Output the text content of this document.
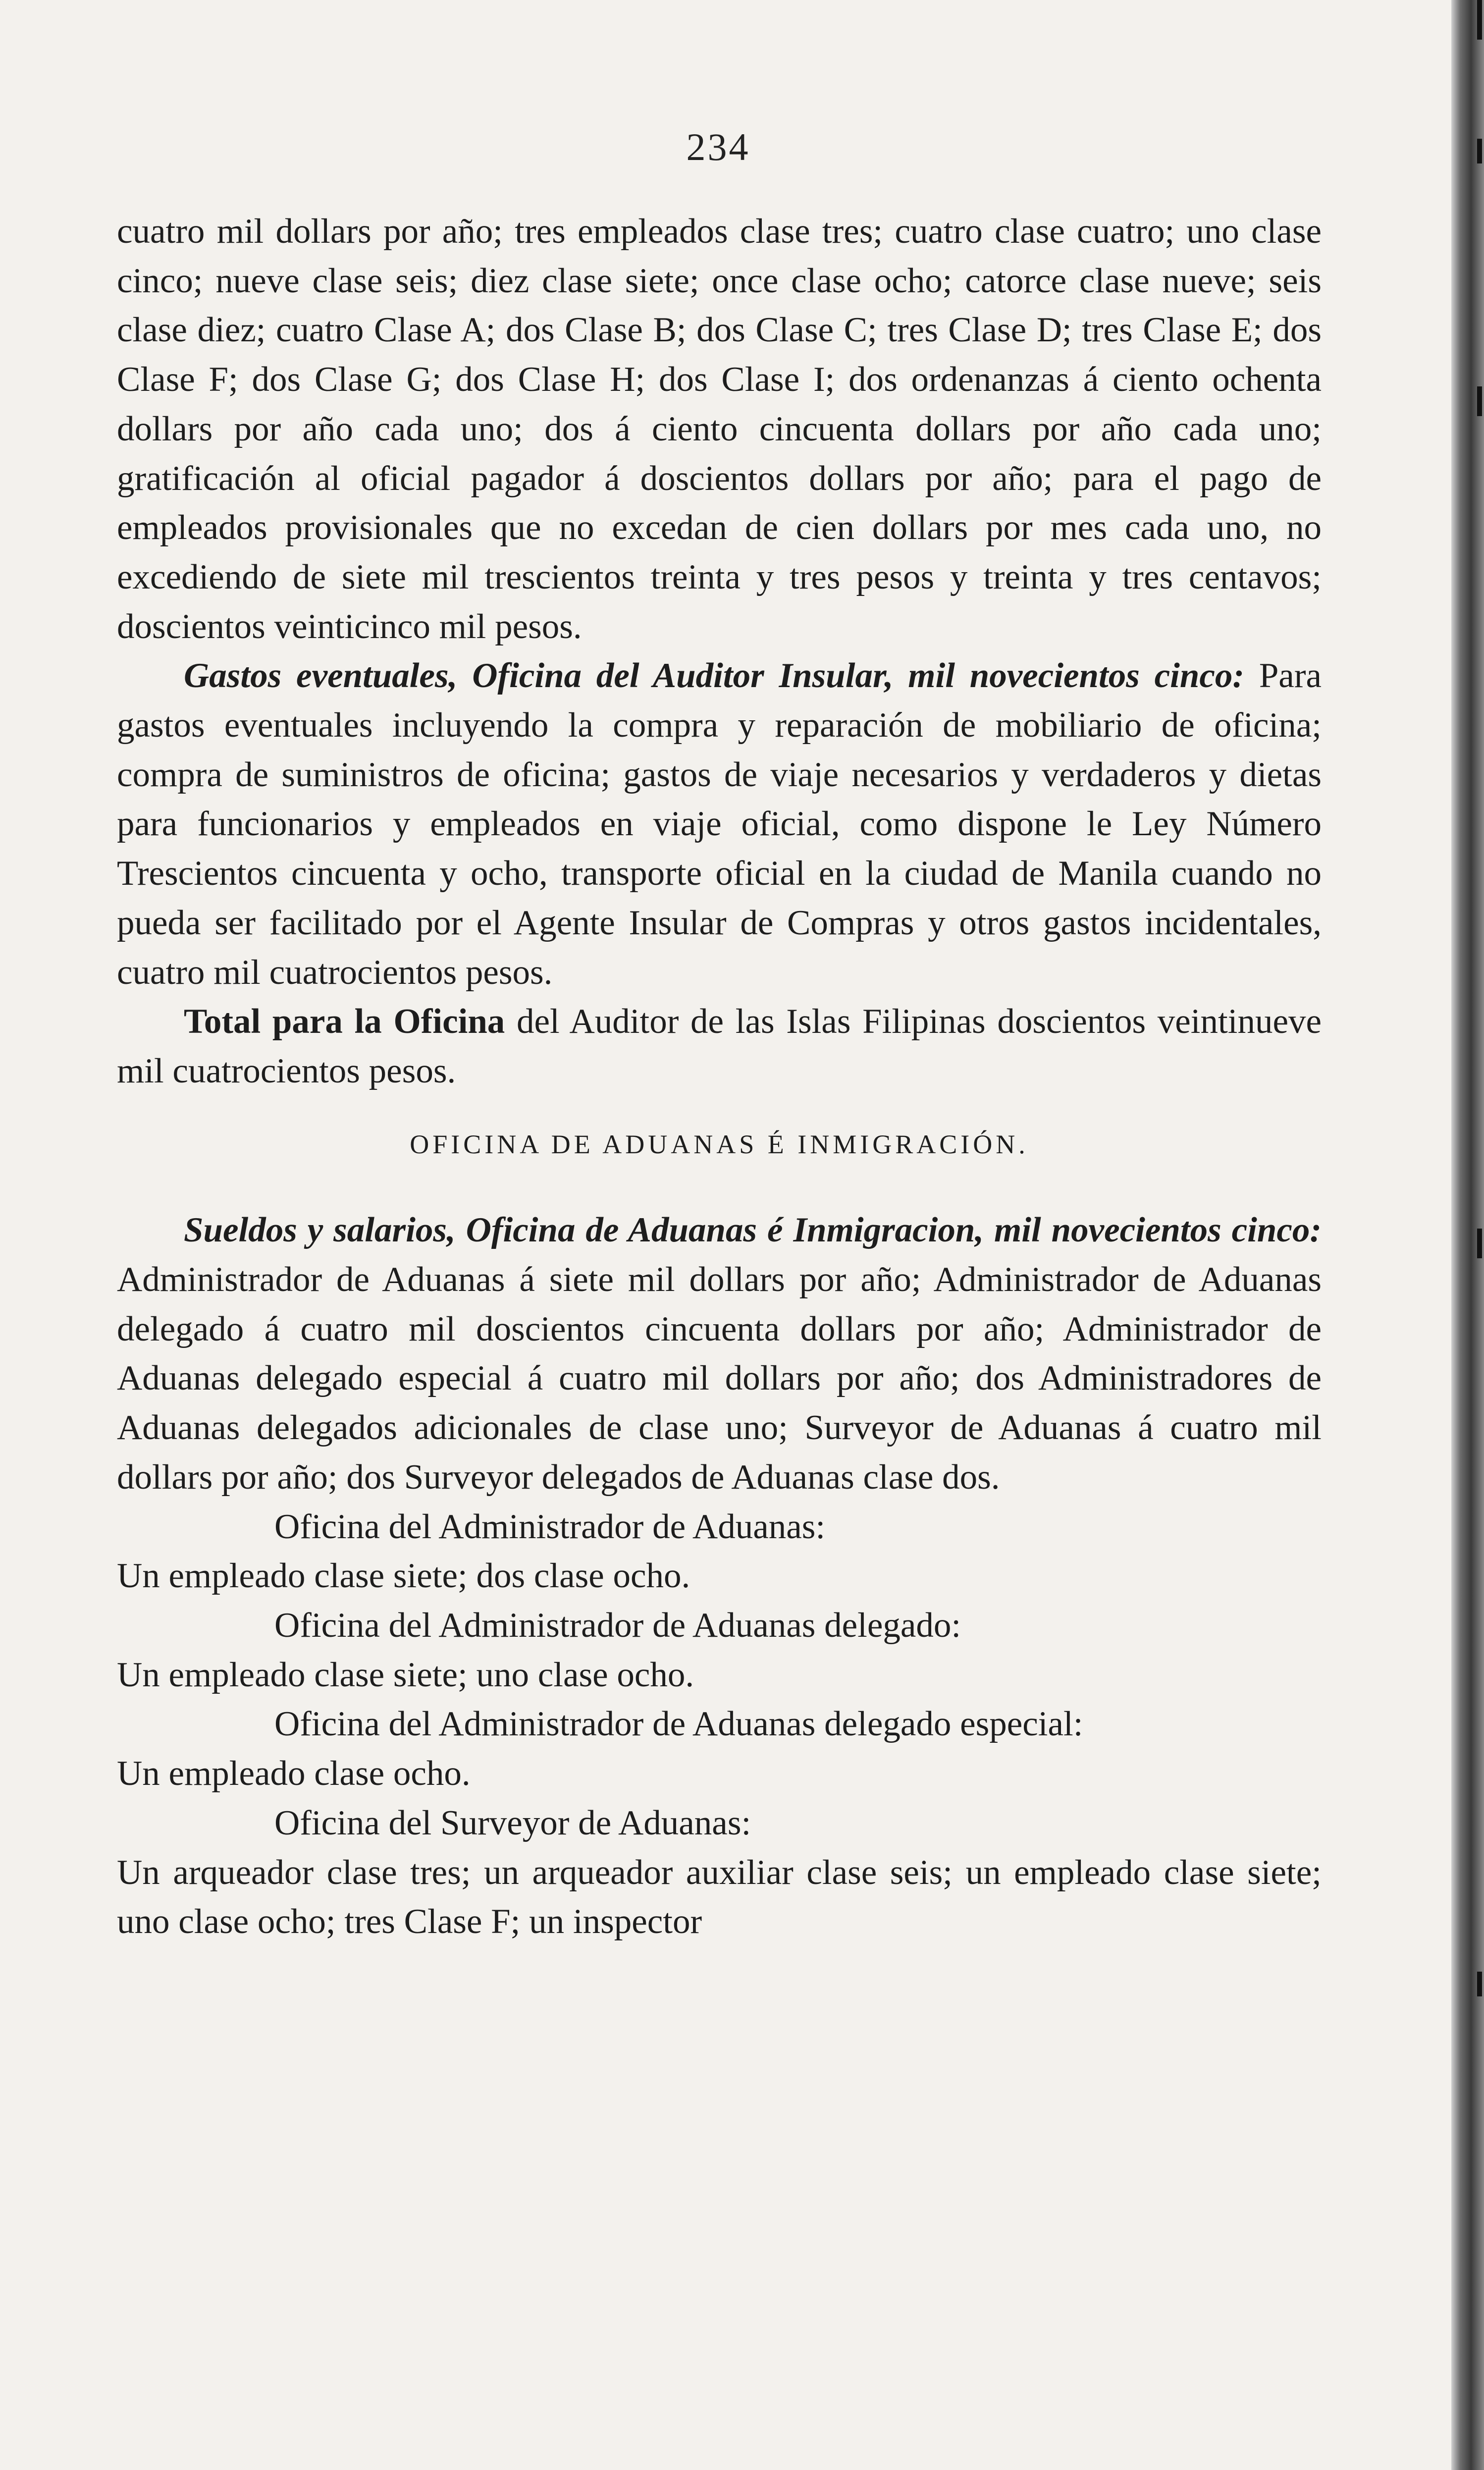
234

cuatro mil dollars por año; tres empleados clase tres; cuatro clase cuatro; uno clase cinco; nueve clase seis; diez clase siete; once clase ocho; catorce clase nueve; seis clase diez; cuatro Clase A; dos Clase B; dos Clase C; tres Clase D; tres Clase E; dos Clase F; dos Clase G; dos Clase H; dos Clase I; dos ordenanzas á ciento ochenta dollars por año cada uno; dos á ciento cincuenta dollars por año cada uno; gratificación al oficial pagador á doscientos dollars por año; para el pago de empleados provisionales que no excedan de cien dollars por mes cada uno, no excediendo de siete mil trescientos treinta y tres pesos y treinta y tres centavos; doscientos veinticinco mil pesos.

Gastos eventuales, Oficina del Auditor Insular, mil novecientos cinco: Para gastos eventuales incluyendo la compra y reparación de mobiliario de oficina; compra de suministros de oficina; gastos de viaje necesarios y verdaderos y dietas para funcionarios y empleados en viaje oficial, como dispone le Ley Número Trescientos cincuenta y ocho, transporte oficial en la ciudad de Manila cuando no pueda ser facilitado por el Agente Insular de Compras y otros gastos incidentales, cuatro mil cuatrocientos pesos.

Total para la Oficina del Auditor de las Islas Filipinas doscientos veintinueve mil cuatrocientos pesos.

OFICINA DE ADUANAS É INMIGRACIÓN.

Sueldos y salarios, Oficina de Aduanas é Inmigracion, mil novecientos cinco: Administrador de Aduanas á siete mil dollars por año; Administrador de Aduanas delegado á cuatro mil doscientos cincuenta dollars por año; Administrador de Aduanas delegado especial á cuatro mil dollars por año; dos Administradores de Aduanas delegados adicionales de clase uno; Surveyor de Aduanas á cuatro mil dollars por año; dos Surveyor delegados de Aduanas clase dos.

Oficina del Administrador de Aduanas:

Un empleado clase siete; dos clase ocho.

Oficina del Administrador de Aduanas delegado:

Un empleado clase siete; uno clase ocho.

Oficina del Administrador de Aduanas delegado especial:

Un empleado clase ocho.

Oficina del Surveyor de Aduanas:

Un arqueador clase tres; un arqueador auxiliar clase seis; un empleado clase siete; uno clase ocho; tres Clase F; un inspector
